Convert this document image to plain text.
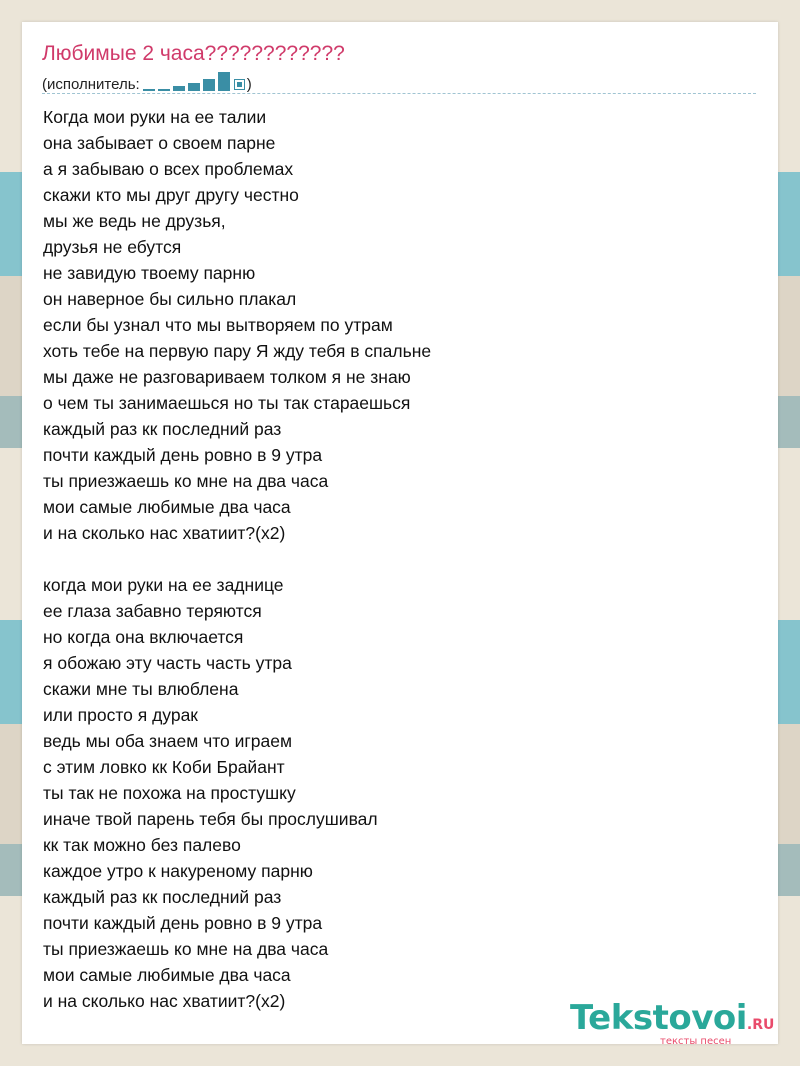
Любимые 2 часа????????????
(исполнитель:	)
Когда мои руки на ее талии
она забывает о своем парне
а я забываю о всех проблемах
скажи кто мы друг другу честно
мы же ведь не друзья,
друзья не ебутся
не завидую твоему парню
он наверное бы сильно плакал
если бы узнал что мы вытворяем по утрам
хоть тебе на первую пару Я жду тебя в спальне
мы даже не разговариваем толком я не знаю
о чем ты занимаешься но ты так стараешься
каждый раз кк последний раз
почти каждый день ровно в 9 утра
ты приезжаешь ко мне на два часа
мои самые любимые два часа
и на сколько нас хватиит?(x2)
когда мои руки на ее заднице
ее глаза забавно теряются
но когда она включается
я обожаю эту часть часть утра
скажи мне ты влюблена
или просто я дурак
ведь мы оба знаем что играем
с этим ловко кк Коби Брайант
ты так не похожа на простушку
иначе твой парень тебя бы прослушивал
кк так можно без палево
каждое утро к накуреному парню
каждый раз кк последний раз
почти каждый день ровно в 9 утра
ты приезжаешь ко мне на два часа
мои самые любимые два часа
и на сколько нас хватиит?(x2)	Tekstovoi.RU
тексты песен
